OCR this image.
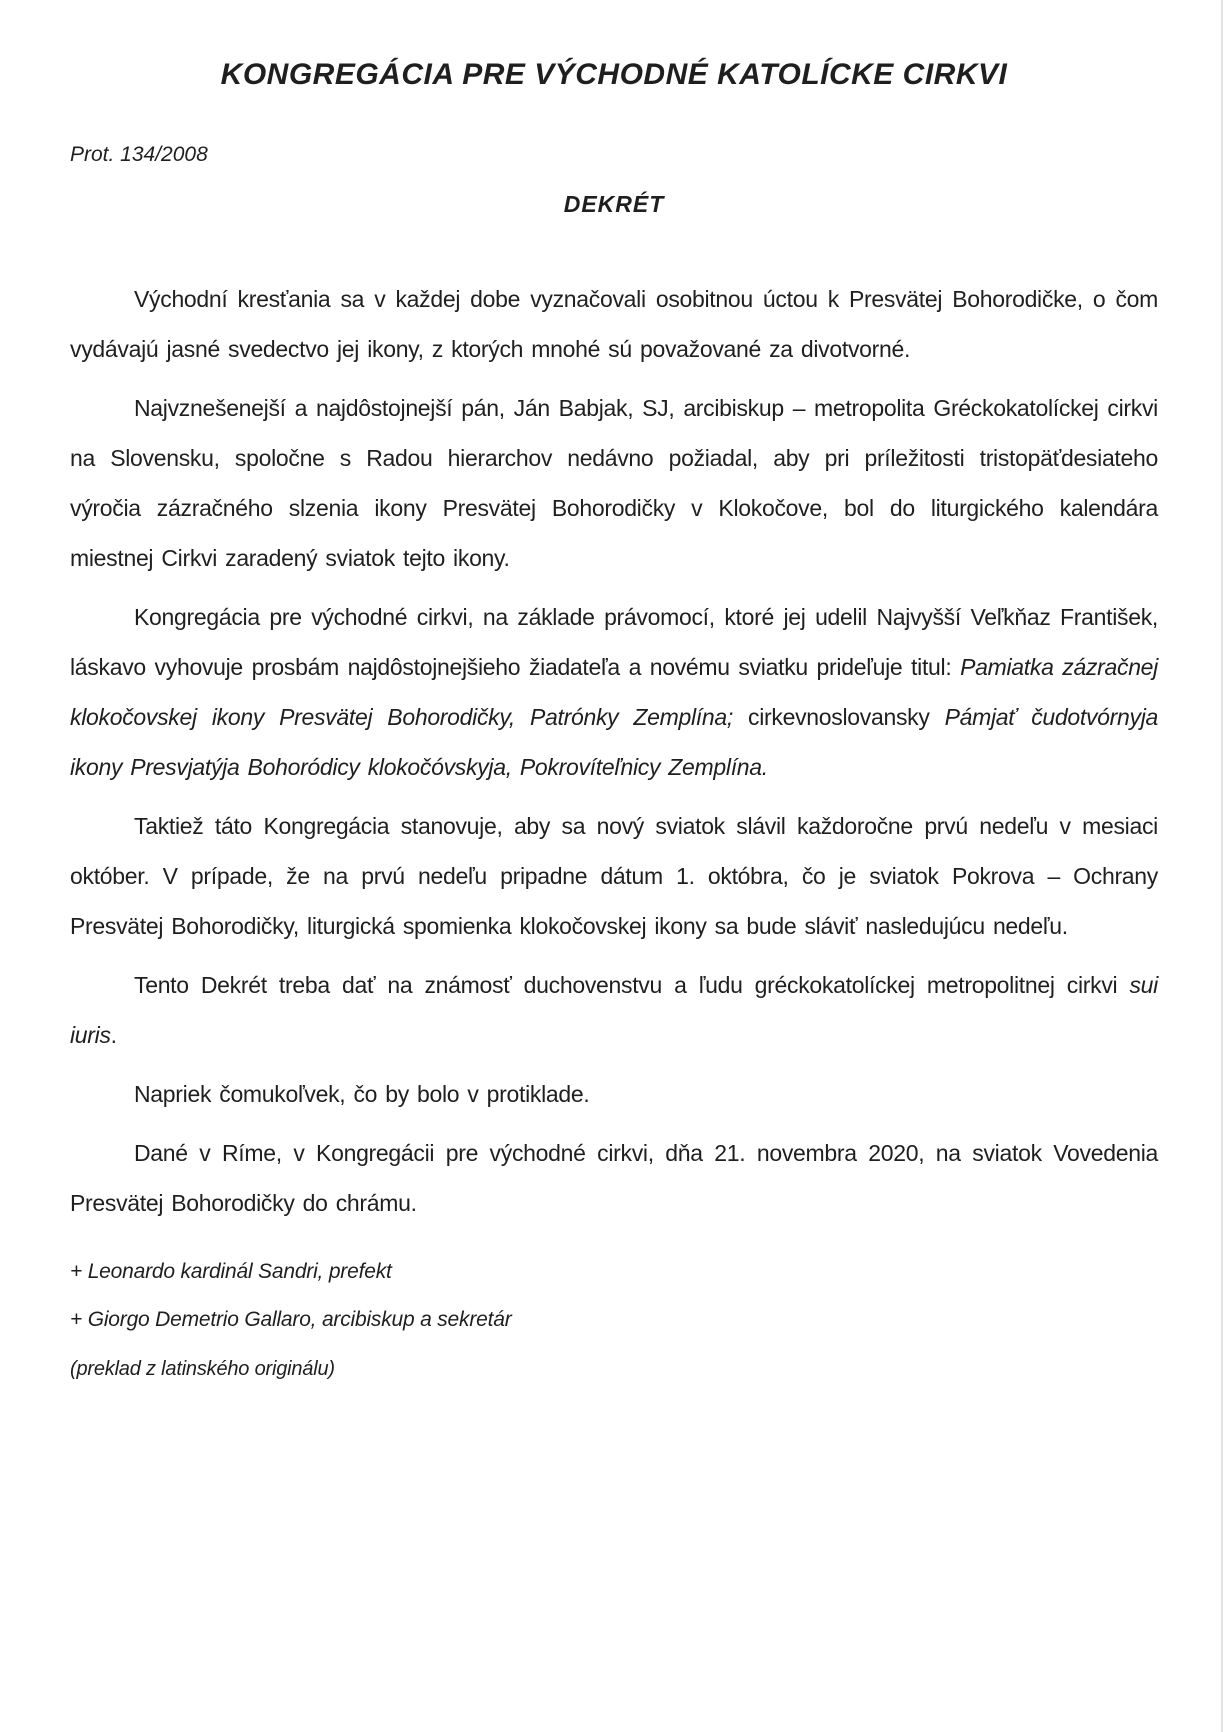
KONGREGÁCIA PRE VÝCHODNÉ KATOLÍCKE CIRKVI
Prot. 134/2008
DEKRÉT

Východní kresťania sa v každej dobe vyznačovali osobitnou úctou k Presvätej Bohorodičke, o čom vydávajú jasné svedectvo jej ikony, z ktorých mnohé sú považované za divotvorné.

Najvznešenejší a najdôstojnejší pán, Ján Babjak, SJ, arcibiskup – metropolita Gréckokatolíckej cirkvi na Slovensku, spoločne s Radou hierarchov nedávno požiadal, aby pri príležitosti tristopäťdesiateho výročia zázračného slzenia ikony Presvätej Bohorodičky v Klokočove, bol do liturgického kalendára miestnej Cirkvi zaradený sviatok tejto ikony.

Kongregácia pre východné cirkvi, na základe právomocí, ktoré jej udelil Najvyšší Veľkňaz František, láskavo vyhovuje prosbám najdôstojnejšieho žiadateľa a novému sviatku prideľuje titul: Pamiatka zázračnej klokočovskej ikony Presvätej Bohorodičky, Patrónky Zemplína; cirkevnoslovansky Pámjať čudotvórnyja ikony Presvjatýja Bohoródicy klokočóvskyja, Pokrovíteľnicy Zemplína.

Taktiež táto Kongregácia stanovuje, aby sa nový sviatok slávil každoročne prvú nedeľu v mesiaci október. V prípade, že na prvú nedeľu pripadne dátum 1. októbra, čo je sviatok Pokrova – Ochrany Presvätej Bohorodičky, liturgická spomienka klokočovskej ikony sa bude sláviť nasledujúcu nedeľu.

Tento Dekrét treba dať na známosť duchovenstvu a ľudu gréckokatolíckej metropolitnej cirkvi sui iuris.

Napriek čomukoľvek, čo by bolo v protiklade.

Dané v Ríme, v Kongregácii pre východné cirkvi, dňa 21. novembra 2020, na sviatok Vovedenia Presvätej Bohorodičky do chrámu.

+ Leonardo kardinál Sandri, prefekt
+ Giorgo Demetrio Gallaro, arcibiskup a sekretár
(preklad z latinského originálu)
